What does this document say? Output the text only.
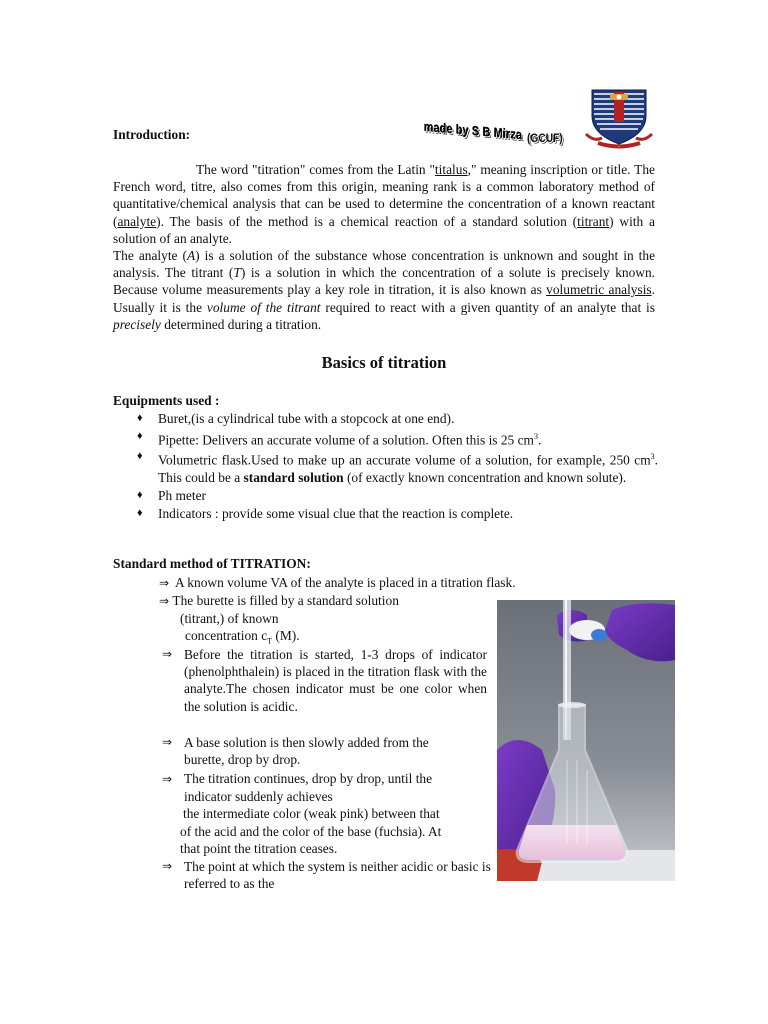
Introduction:	made by S B Mirza (GCUF)
~
The word "titration" comes from the Latin "titalus," meaning inscription or title. The French word, titre, also comes from this origin, meaning rank is a common laboratory method of quantitative/chemical analysis that can be used to determine the concentration of a known reactant (analyte). The basis of the method is a chemical reaction of a standard solution (titrant) with a solution of an analyte.
The analyte (A) is a solution of the substance whose concentration is unknown and sought in the analysis. The titrant (T) is a solution in which the concentration of a solute is precisely known. Because volume measurements play a key role in titration, it is also known as volumetric analysis. Usually it is the volume of the titrant required to react with a given quantity of an analyte that is precisely determined during a titration.
Basics of titration
Equipments used :
♦ Buret,(is a cylindrical tube with a stopcock at one end).
♦ Pipette: Delivers an accurate volume of a solution. Often this is 25 $cm^3$.
♦ Volumetric flask.Used to make up an accurate volume of a solution, for example, 250 $cm^3$. This could be a standard solution (of exactly known concentration and known solute).
♦ Ph meter
♦ Indicators : provide some visual clue that the reaction is complete.
Standard method of TITRATION:
⇒ A known volume VA of the analyte is placed in a titration flask.
⇒ The burette is filled by a standard solution
(titrant,) of known
concentration $c_T$ (M).
⇒ Before the titration is started, 1-3 drops of indicator (phenolphthalein) is placed in the titration flask with the analyte.The chosen indicator must be one color when the solution is acidic.
⇒ A base solution is then slowly added from the burette, drop by drop.
⇒ The titration continues, drop by drop, until the
indicator suddenly achieves
the intermediate color (weak pink) between that
of the acid and the color of the base (fuchsia). At
that point the titration ceases.
⇒ The point at which the system is neither acidic or basic is referred to as the
